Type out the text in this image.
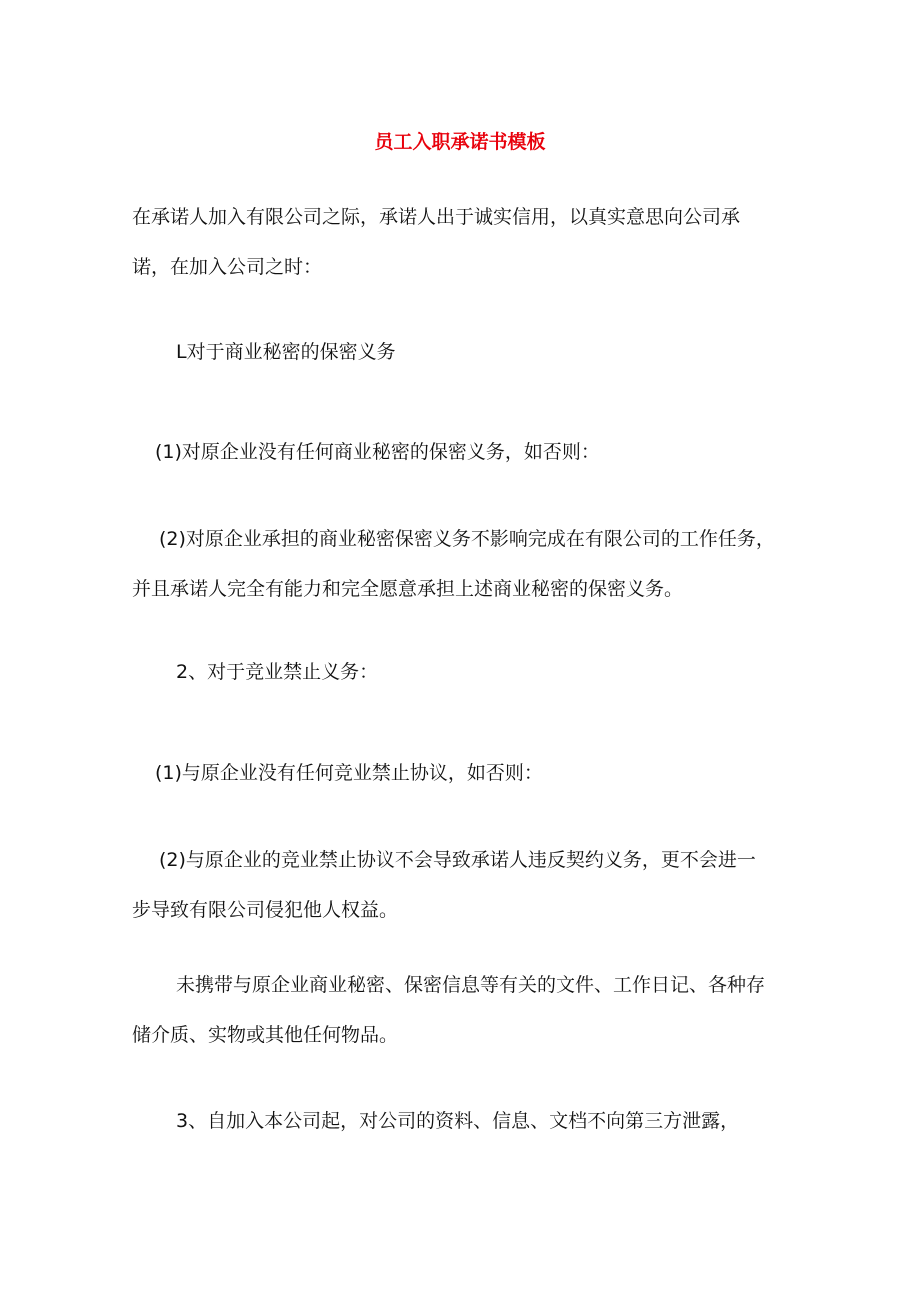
员工入职承诺书模板
在承诺人加入有限公司之际，承诺人出于诚实信用，以真实意思向公司承
诺，在加入公司之时：
L对于商业秘密的保密义务
(1)对原企业没有任何商业秘密的保密义务，如否则：
(2)对原企业承担的商业秘密保密义务不影响完成在有限公司的工作任务，
并且承诺人完全有能力和完全愿意承担上述商业秘密的保密义务。
2、对于竞业禁止义务：
(1)与原企业没有任何竞业禁止协议，如否则：
(2)与原企业的竞业禁止协议不会导致承诺人违反契约义务，更不会进一
步导致有限公司侵犯他人权益。
未携带与原企业商业秘密、保密信息等有关的文件、工作日记、各种存
储介质、实物或其他任何物品。
3、自加入本公司起，对公司的资料、信息、文档不向第三方泄露，
